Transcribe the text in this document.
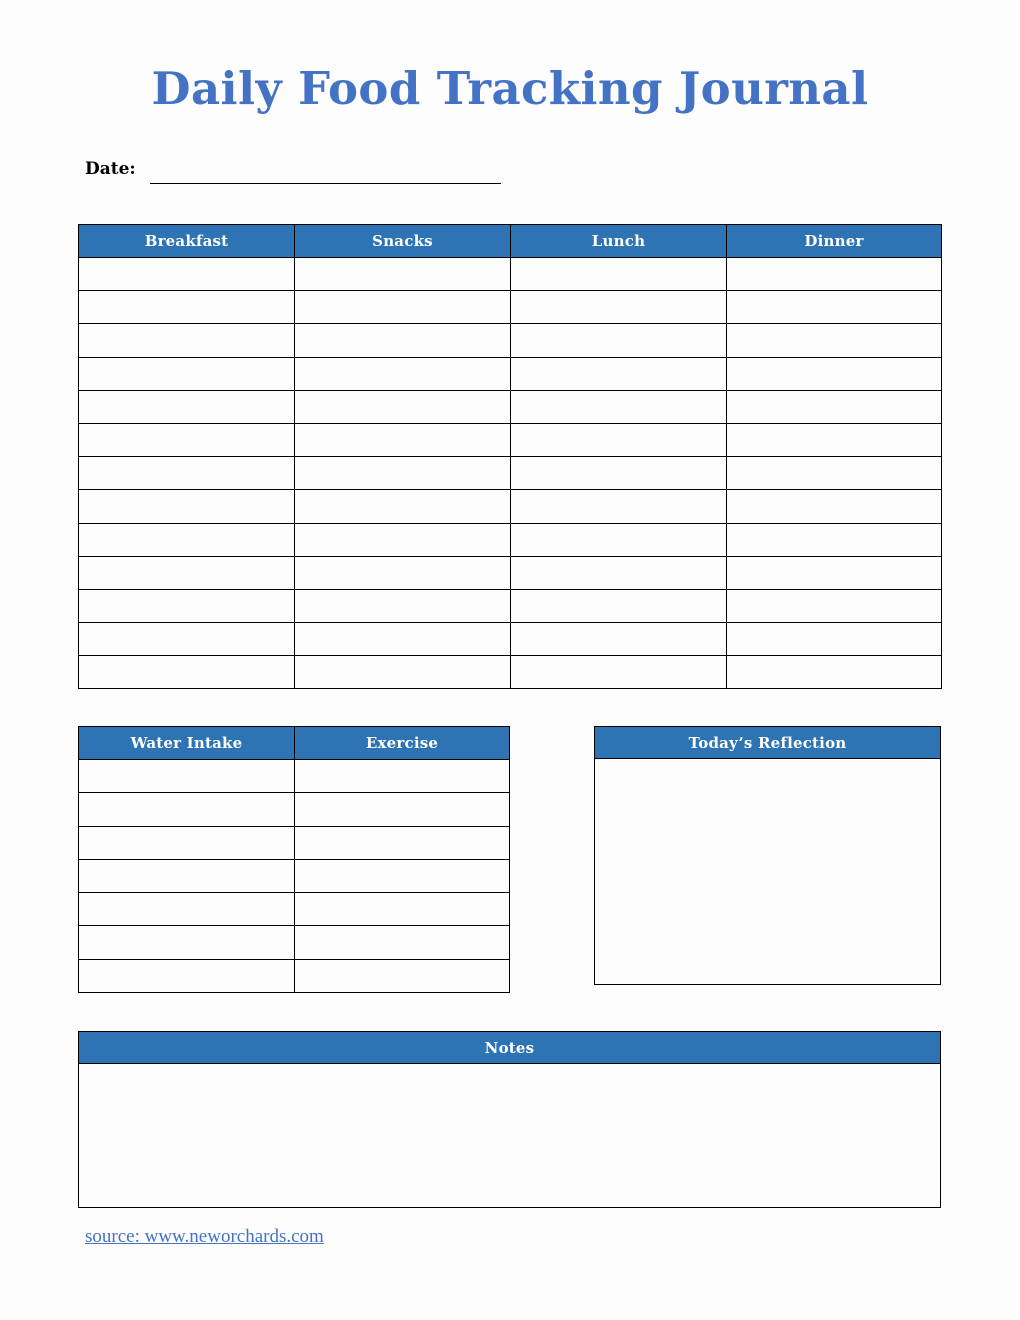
Daily Food Tracking Journal
Date:
Breakfast	Snacks	Lunch	Dinner

Water Intake	Exercise

		Today’s Reflection
Notes
source: www.neworchards.com
